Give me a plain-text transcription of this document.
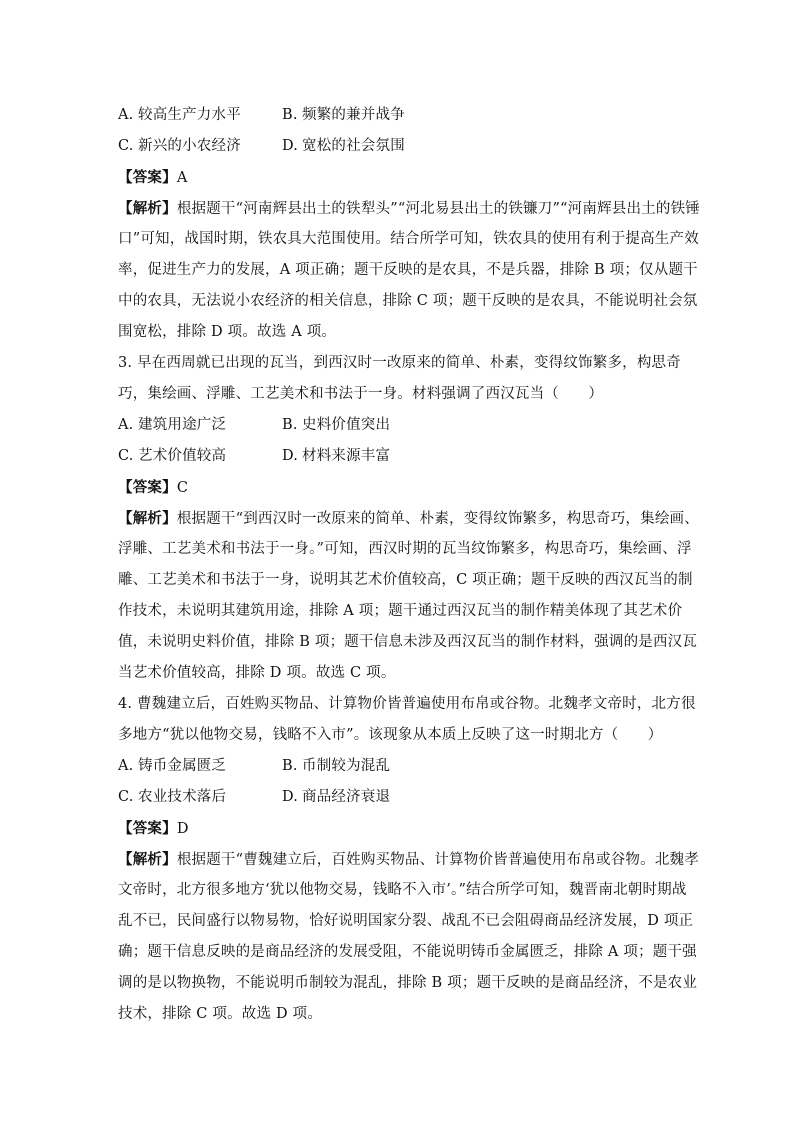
A. 较高生产力水平	B. 频繁的兼并战争
C. 新兴的小农经济	D. 宽松的社会氛围
【答案】A
【解析】根据题干“河南辉县出土的铁犁头”“河北易县出土的铁镰刀”“河南辉县出土的铁锤
口”可知，战国时期，铁农具大范围使用。结合所学可知，铁农具的使用有利于提高生产效
率，促进生产力的发展，A 项正确；题干反映的是农具，不是兵器，排除 B 项；仅从题干
中的农具，无法说小农经济的相关信息，排除 C 项；题干反映的是农具，不能说明社会氛
围宽松，排除 D 项。故选 A 项。
3. 早在西周就已出现的瓦当，到西汉时一改原来的简单、朴素，变得纹饰繁多，构思奇
巧，集绘画、浮雕、工艺美术和书法于一身。材料强调了西汉瓦当（　　）
A. 建筑用途广泛	B. 史料价值突出
C. 艺术价值较高	D. 材料来源丰富
【答案】C
【解析】根据题干“到西汉时一改原来的简单、朴素，变得纹饰繁多，构思奇巧，集绘画、
浮雕、工艺美术和书法于一身。”可知，西汉时期的瓦当纹饰繁多，构思奇巧，集绘画、浮
雕、工艺美术和书法于一身，说明其艺术价值较高，C 项正确；题干反映的西汉瓦当的制
作技术，未说明其建筑用途，排除 A 项；题干通过西汉瓦当的制作精美体现了其艺术价
值，未说明史料价值，排除 B 项；题干信息未涉及西汉瓦当的制作材料，强调的是西汉瓦
当艺术价值较高，排除 D 项。故选 C 项。
4. 曹魏建立后，百姓购买物品、计算物价皆普遍使用布帛或谷物。北魏孝文帝时，北方很
多地方“犹以他物交易，钱略不入市”。该现象从本质上反映了这一时期北方（　　）
A. 铸币金属匮乏	B. 币制较为混乱
C. 农业技术落后	D. 商品经济衰退
【答案】D
【解析】根据题干“曹魏建立后，百姓购买物品、计算物价皆普遍使用布帛或谷物。北魏孝
文帝时，北方很多地方‘犹以他物交易，钱略不入市’。”结合所学可知，魏晋南北朝时期战
乱不已，民间盛行以物易物，恰好说明国家分裂、战乱不已会阻碍商品经济发展，D 项正
确；题干信息反映的是商品经济的发展受阻，不能说明铸币金属匮乏，排除 A 项；题干强
调的是以物换物，不能说明币制较为混乱，排除 B 项；题干反映的是商品经济，不是农业
技术，排除 C 项。故选 D 项。
